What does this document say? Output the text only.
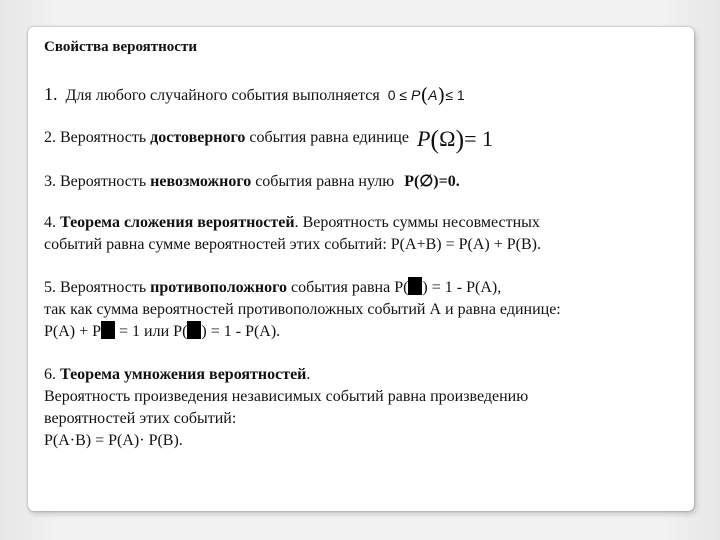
Свойства вероятности
1. Для любого случайного события выполняется 0 ≤ P(A)≤ 1
2. Вероятность достоверного события равна единице P(Ω)= 1
3. Вероятность невозможного события равна нулю P(∅)=0.
4. Теорема сложения вероятностей. Вероятность суммы несовместных
событий равна сумме вероятностей этих событий: P(A+B) = P(A) + P(B).
5. Вероятность противоположного события равна P( ) = 1 - P(A),
так как сумма вероятностей противоположных событий А и равна единице:
P(A) + P = 1 или P( ) = 1 - P(A).
6. Теорема умножения вероятностей.
Вероятность произведения независимых событий равна произведению
вероятностей этих событий:
P(A·B) = P(A)· P(B).
